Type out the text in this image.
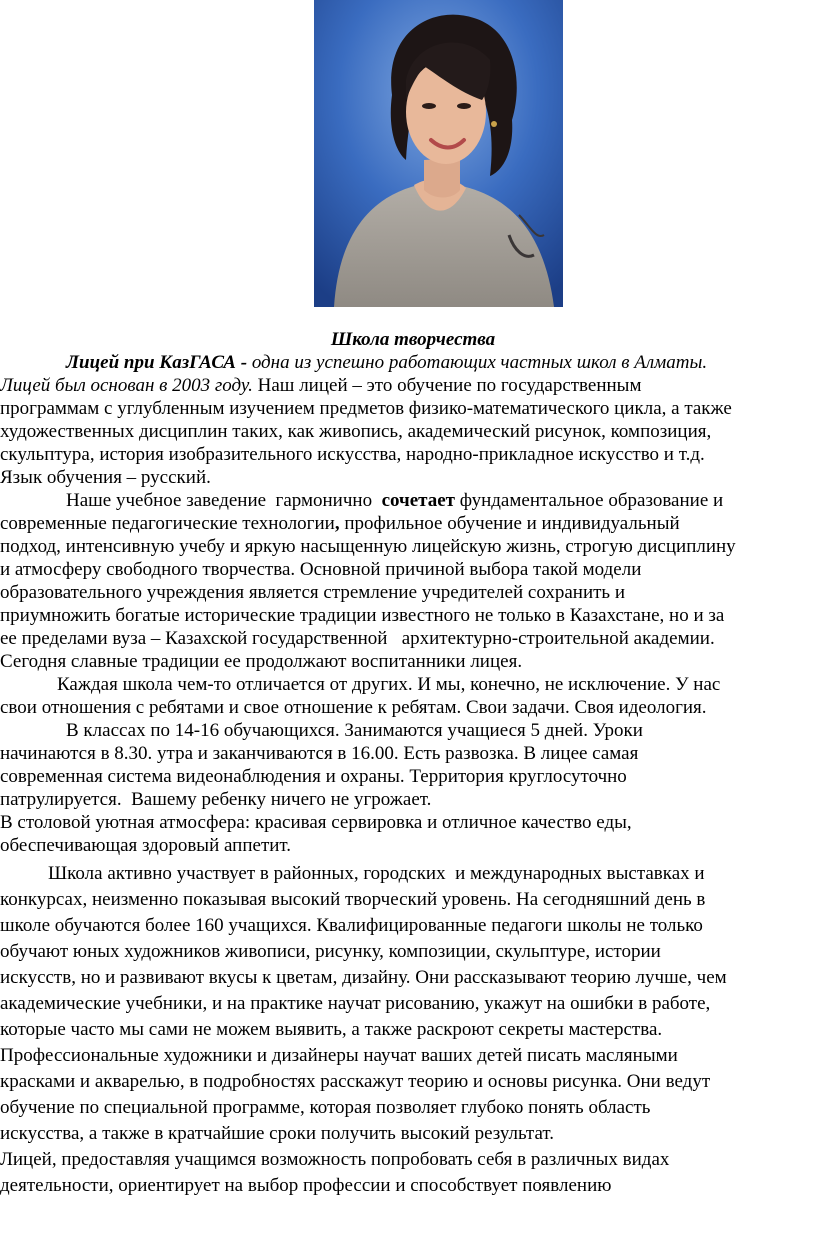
Школа творчества
Лицей при КазГАСА - одна из успешно работающих частных школ в Алматы.
Лицей был основан в 2003 году. Наш лицей – это обучение по государственным
программам с углубленным изучением предметов физико-математического цикла, а также
художественных дисциплин таких, как живопись, академический рисунок, композиция,
скульптура, история изобразительного искусства, народно-прикладное искусство и т.д.
Язык обучения – русский.
Наше учебное заведение  гармонично  сочетает фундаментальное образование и
современные педагогические технологии, профильное обучение и индивидуальный
подход, интенсивную учебу и яркую насыщенную лицейскую жизнь, строгую дисциплину
и атмосферу свободного творчества. Основной причиной выбора такой модели
образовательного учреждения является стремление учредителей сохранить и
приумножить богатые исторические традиции известного не только в Казахстане, но и за
ее пределами вуза – Казахской государственной   архитектурно-строительной академии.
Сегодня славные традиции ее продолжают воспитанники лицея.
Каждая школа чем-то отличается от других. И мы, конечно, не исключение. У нас
свои отношения с ребятами и свое отношение к ребятам. Свои задачи. Своя идеология.
В классах по 14-16 обучающихся. Занимаются учащиеся 5 дней. Уроки
начинаются в 8.30. утра и заканчиваются в 16.00. Есть развозка. В лицее самая
современная система видеонаблюдения и охраны. Территория круглосуточно
патрулируется.  Вашему ребенку ничего не угрожает.
В столовой уютная атмосфера: красивая сервировка и отличное качество еды,
обеспечивающая здоровый аппетит.
Школа активно участвует в районных, городских  и международных выставках и
конкурсах, неизменно показывая высокий творческий уровень. На сегодняшний день в
школе обучаются более 160 учащихся. Квалифицированные педагоги школы не только
обучают юных художников живописи, рисунку, композиции, скульптуре, истории
искусств, но и развивают вкусы к цветам, дизайну. Они рассказывают теорию лучше, чем
академические учебники, и на практике научат рисованию, укажут на ошибки в работе,
которые часто мы сами не можем выявить, а также раскроют секреты мастерства.
Профессиональные художники и дизайнеры научат ваших детей писать масляными
красками и акварелью, в подробностях расскажут теорию и основы рисунка. Они ведут
обучение по специальной программе, которая позволяет глубоко понять область
искусства, а также в кратчайшие сроки получить высокий результат.
Лицей, предоставляя учащимся возможность попробовать себя в различных видах
деятельности, ориентирует на выбор профессии и способствует появлению
